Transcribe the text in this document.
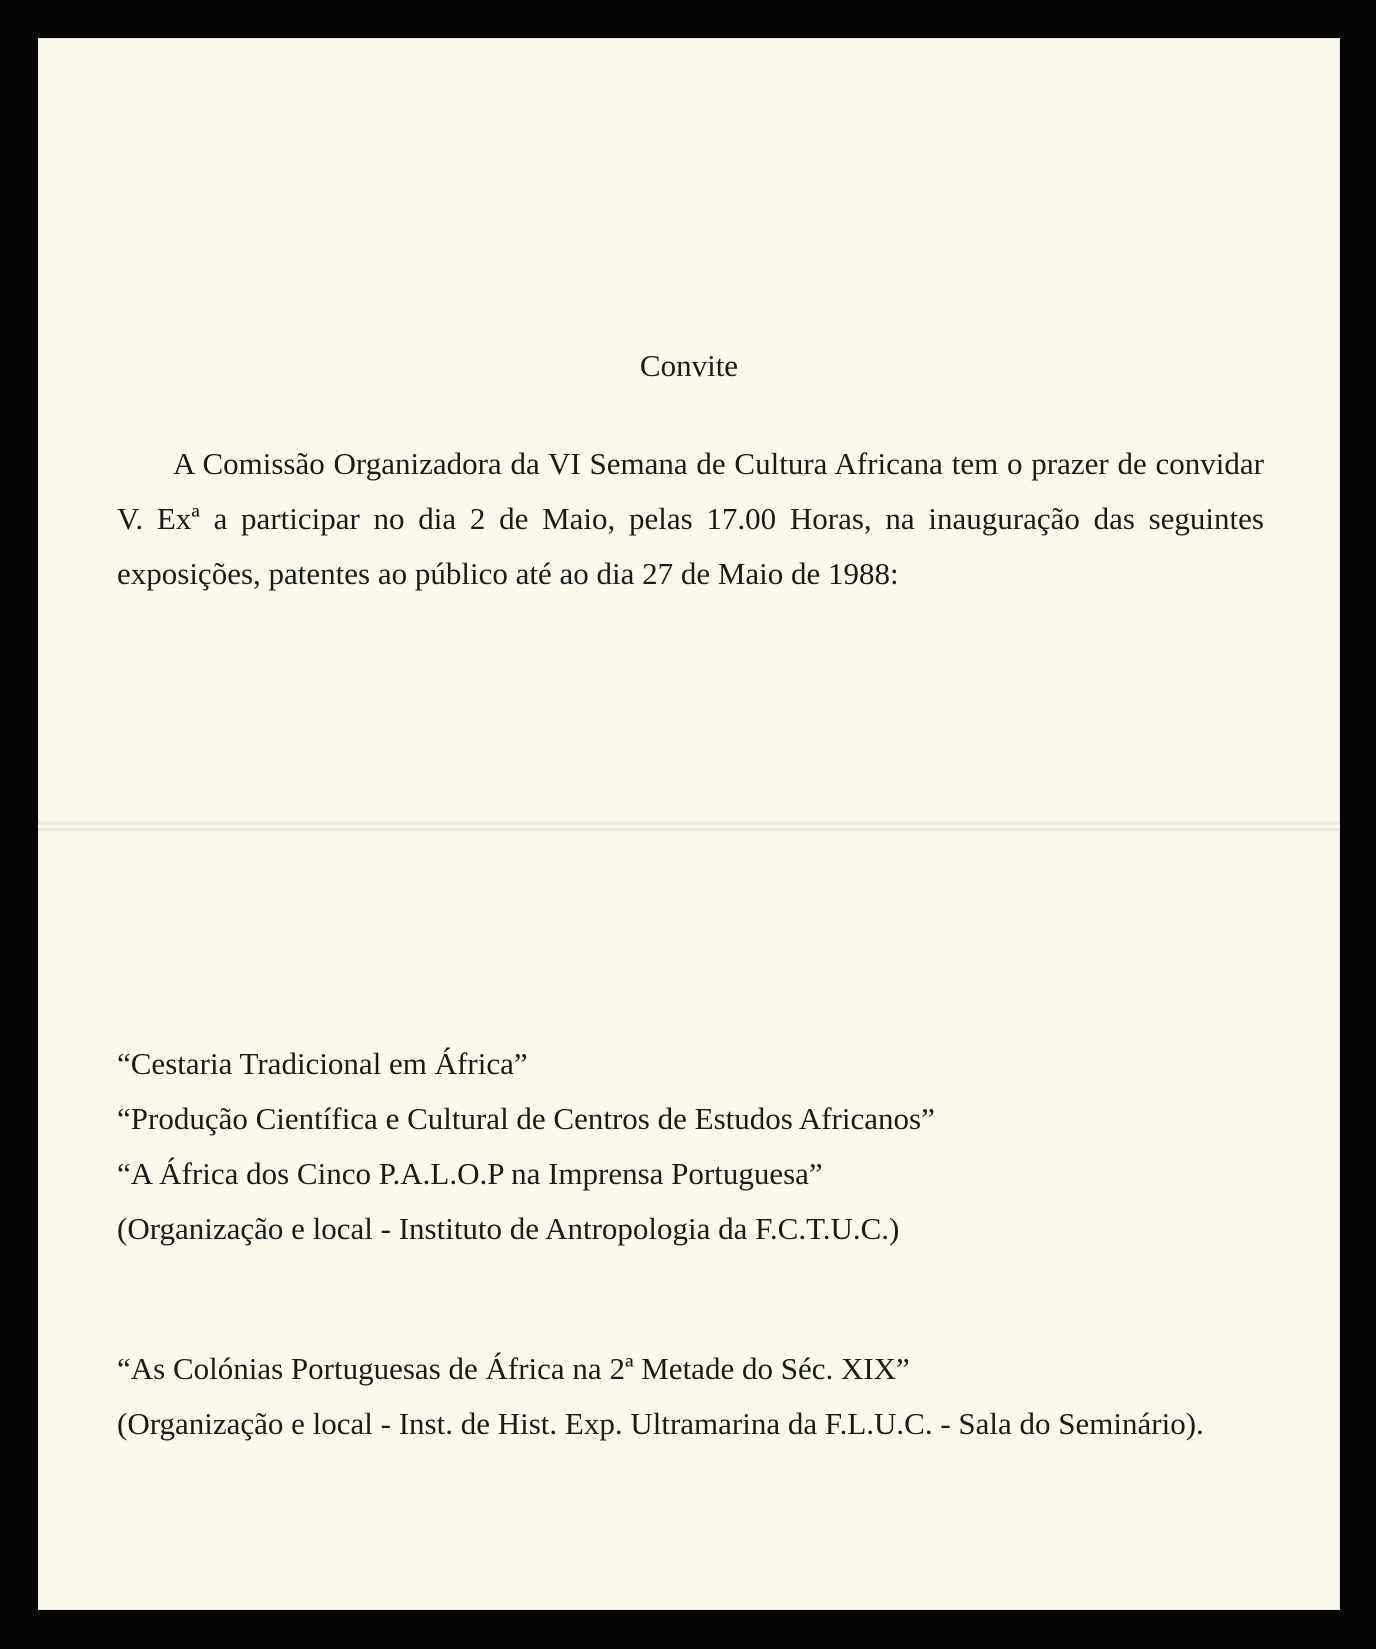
Convite
A Comissão Organizadora da VI Semana de Cultura Africana tem o prazer de convidar V. Exª a participar no dia 2 de Maio, pelas 17.00 Horas, na inauguração das seguintes exposições, patentes ao público até ao dia 27 de Maio de 1988:
“Cestaria Tradicional em África”
“Produção Científica e Cultural de Centros de Estudos Africanos”
“A África dos Cinco P.A.L.O.P na Imprensa Portuguesa”
(Organização e local - Instituto de Antropologia da F.C.T.U.C.)
“As Colónias Portuguesas de África na 2ª Metade do Séc. XIX”
(Organização e local - Inst. de Hist. Exp. Ultramarina da F.L.U.C. - Sala do Seminário).
